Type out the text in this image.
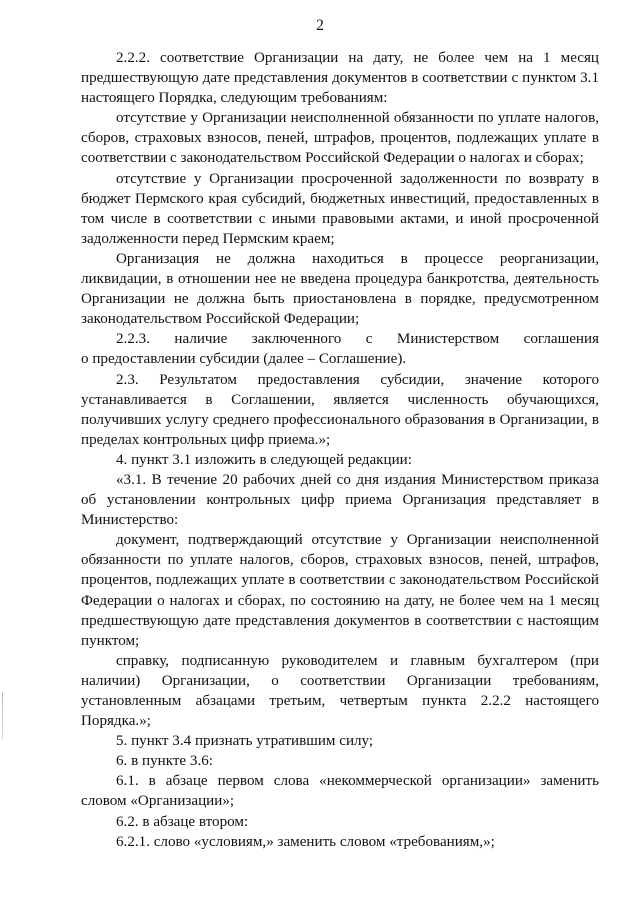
2

2.2.2. соответствие Организации на дату, не более чем на 1 месяц предшествующую дате представления документов в соответствии с пунктом 3.1 настоящего Порядка, следующим требованиям:

отсутствие у Организации неисполненной обязанности по уплате налогов, сборов, страховых взносов, пеней, штрафов, процентов, подлежащих уплате в соответствии с законодательством Российской Федерации о налогах и сборах;

отсутствие у Организации просроченной задолженности по возврату в бюджет Пермского края субсидий, бюджетных инвестиций, предоставленных в том числе в соответствии с иными правовыми актами, и иной просроченной задолженности перед Пермским краем;

Организация не должна находиться в процессе реорганизации, ликвидации, в отношении нее не введена процедура банкротства, деятельность Организации не должна быть приостановлена в порядке, предусмотренном законодательством Российской Федерации;

2.2.3. наличие заключенного с Министерством соглашения

о предоставлении субсидии (далее – Соглашение).

2.3. Результатом предоставления субсидии, значение которого устанавливается в Соглашении, является численность обучающихся, получивших услугу среднего профессионального образования в Организации, в пределах контрольных цифр приема.»;

4. пункт 3.1 изложить в следующей редакции:

«3.1. В течение 20 рабочих дней со дня издания Министерством приказа об установлении контрольных цифр приема Организация представляет в Министерство:

документ, подтверждающий отсутствие у Организации неисполненной обязанности по уплате налогов, сборов, страховых взносов, пеней, штрафов, процентов, подлежащих уплате в соответствии с законодательством Российской Федерации о налогах и сборах, по состоянию на дату, не более чем на 1 месяц предшествующую дате представления документов в соответствии с настоящим пунктом;

справку, подписанную руководителем и главным бухгалтером (при наличии) Организации, о соответствии Организации требованиям, установленным абзацами третьим, четвертым пункта 2.2.2 настоящего Порядка.»;

5. пункт 3.4 признать утратившим силу;

6. в пункте 3.6:

6.1. в абзаце первом слова «некоммерческой организации» заменить словом «Организации»;

6.2. в абзаце втором:

6.2.1. слово «условиям,» заменить словом «требованиям,»;
